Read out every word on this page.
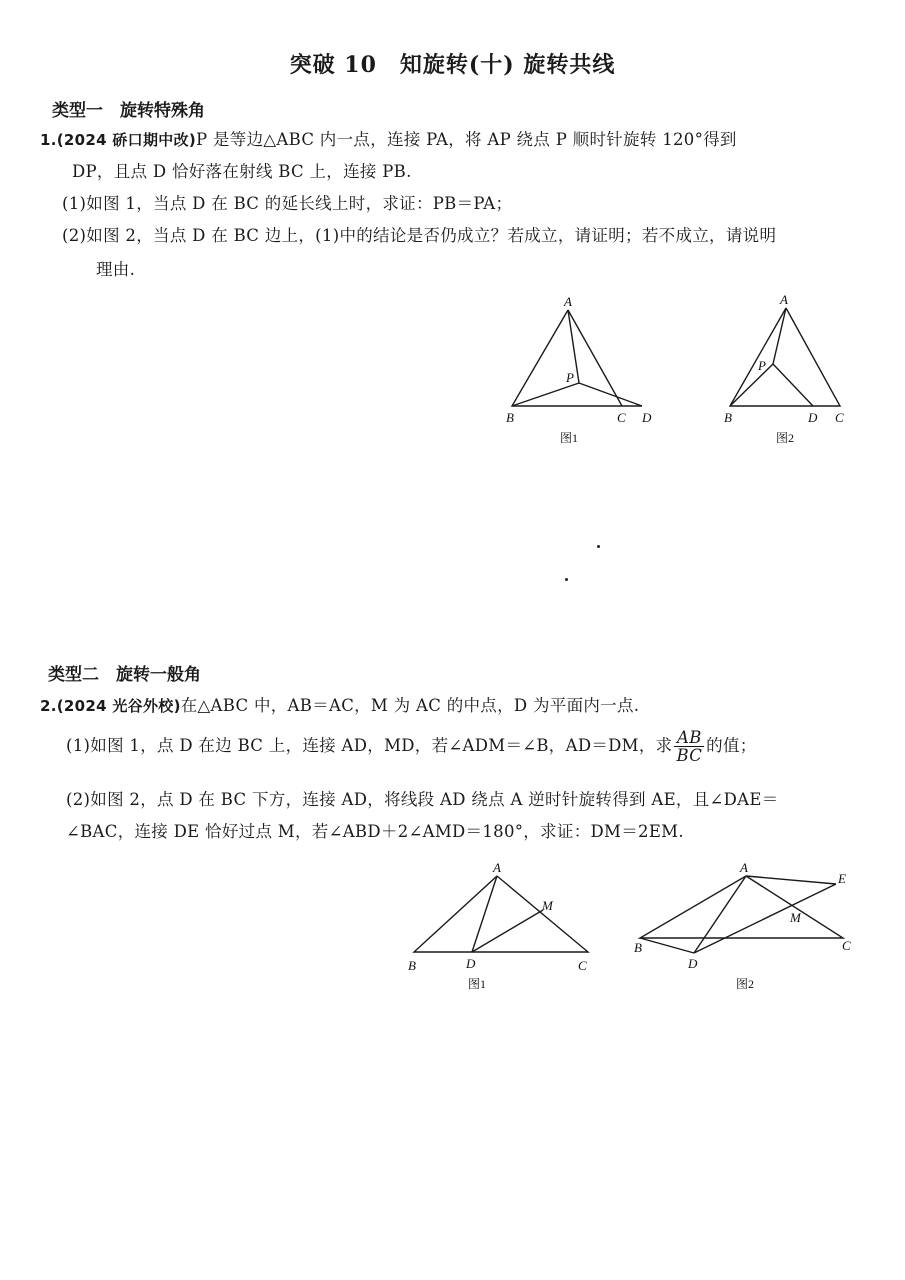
突破 10　知旋转(十) 旋转共线
类型一　旋转特殊角
1.(2024 硚口期中改)P 是等边△ABC 内一点，连接 PA，将 AP 绕点 P 顺时针旋转 120°得到
DP，且点 D 恰好落在射线 BC 上，连接 PB.
(1)如图 1，当点 D 在 BC 的延长线上时，求证：PB＝PA；
(2)如图 2，当点 D 在 BC 边上，(1)中的结论是否仍成立？若成立，请证明；若不成立，请说明
理由.
A
B	C D
P
图1
A
B	C
D
P
图2
类型二　旋转一般角
2.(2024 光谷外校)在△ABC 中，AB＝AC，M 为 AC 的中点，D 为平面内一点.
(1)如图 1，点 D 在边 BC 上，连接 AD，MD，若∠ADM＝∠B，AD＝DM，求 $\frac{AB}{BC}$ 的值；
(2)如图 2，点 D 在 BC 下方，连接 AD，将线段 AD 绕点 A 逆时针旋转得到 AE，且∠DAE＝
∠BAC，连接 DE 恰好过点 M，若∠ABD＋2∠AMD＝180°，求证：DM＝2EM.
A
B	C
D
M
图1
A
B	C
D
E
M
图2
